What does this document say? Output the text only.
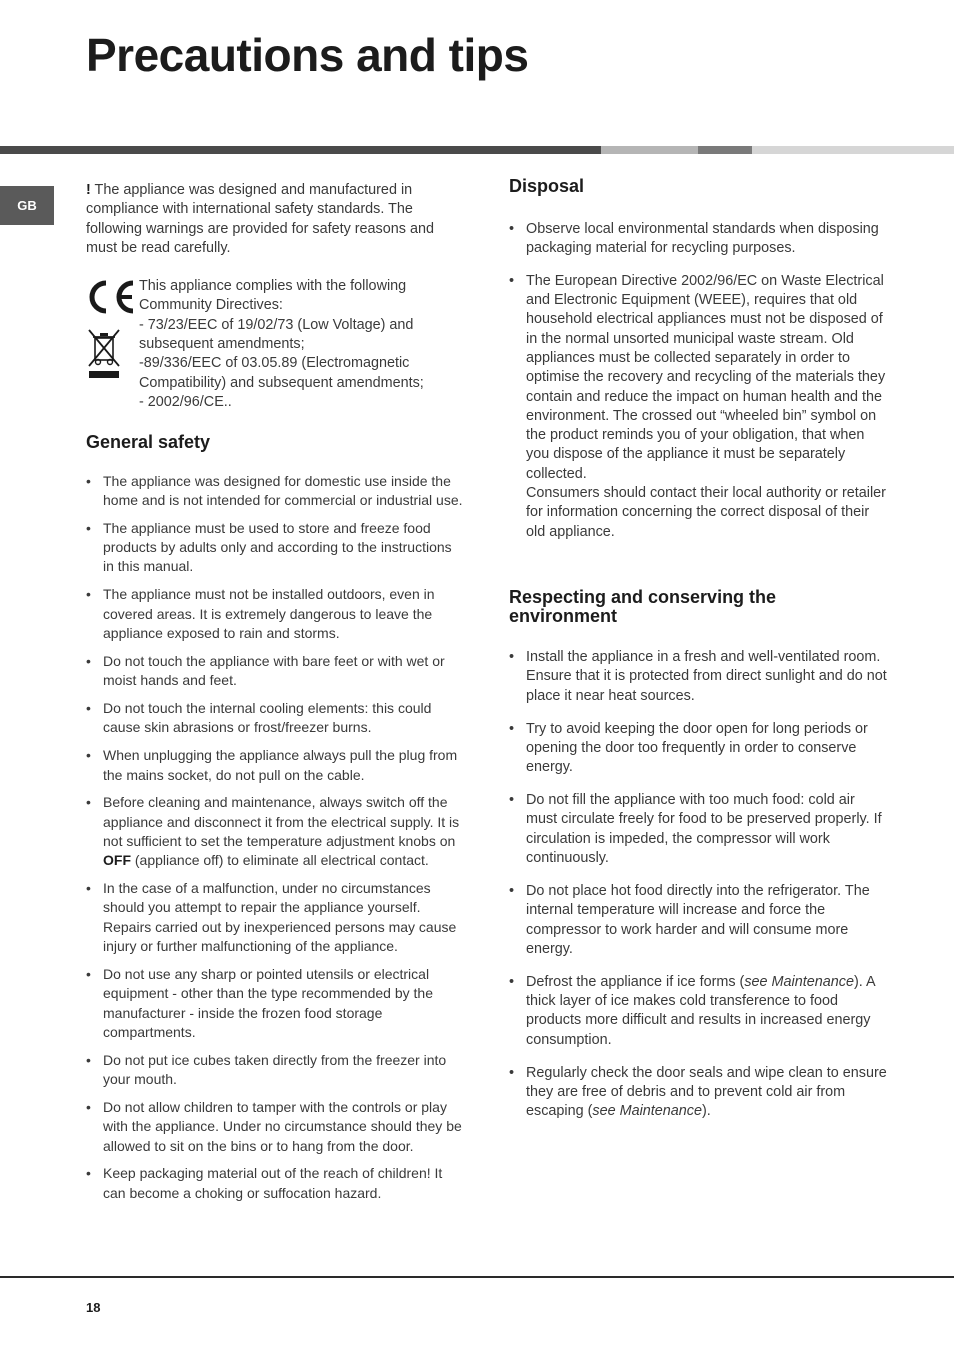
Precautions and tips
GB

! The appliance was designed and manufactured in compliance with international safety standards. The following warnings are provided for safety reasons and must be read carefully.

This appliance complies with the following
Community Directives:
- 73/23/EEC of 19/02/73 (Low Voltage) and
subsequent amendments;
-89/336/EEC of 03.05.89 (Electromagnetic
Compatibility) and subsequent amendments;
- 2002/96/CE..

General safety
• The appliance was designed for domestic use inside the home and is not intended for commercial or industrial use.
• The appliance must be used to store and freeze food products by adults only and according to the instructions in this manual.
• The appliance must not be installed outdoors, even in covered areas. It is extremely dangerous to leave the appliance exposed to rain and storms.
• Do not touch the appliance with bare feet or with wet or moist hands and feet.
• Do not touch the internal cooling elements: this could cause skin abrasions or frost/freezer burns.
• When unplugging the appliance always pull the plug from the mains socket, do not pull on the cable.
• Before cleaning and maintenance, always switch off the appliance and disconnect it from the electrical supply. It is not sufficient to set the temperature adjustment knobs on OFF (appliance off) to eliminate all electrical contact.
• In the case of a malfunction, under no circumstances should you attempt to repair the appliance yourself. Repairs carried out by inexperienced persons may cause injury or further malfunctioning of the appliance.
• Do not use any sharp or pointed utensils or electrical equipment - other than the type recommended by the manufacturer - inside the frozen food storage compartments.
• Do not put ice cubes taken directly from the freezer into your mouth.
• Do not allow children to tamper with the controls or play with the appliance. Under no circumstance should they be allowed to sit on the bins or to hang from the door.
• Keep packaging material out of the reach of children! It can become a choking or suffocation hazard.
Disposal
• Observe local environmental standards when disposing packaging material for recycling purposes.
• The European Directive 2002/96/EC on Waste Electrical and Electronic Equipment (WEEE), requires that old household electrical appliances must not be disposed of in the normal unsorted municipal waste stream. Old appliances must be collected separately in order to optimise the recovery and recycling of the materials they contain and reduce the impact on human health and the environment. The crossed out “wheeled bin” symbol on the product reminds you of your obligation, that when you dispose of the appliance it must be separately collected.
Consumers should contact their local authority or retailer for information concerning the correct disposal of their old appliance.
Respecting and conserving the environment
• Install the appliance in a fresh and well-ventilated room. Ensure that it is protected from direct sunlight and do not place it near heat sources.
• Try to avoid keeping the door open for long periods or opening the door too frequently in order to conserve energy.
• Do not fill the appliance with too much food: cold air must circulate freely for food to be preserved properly. If circulation is impeded, the compressor will work continuously.
• Do not place hot food directly into the refrigerator. The internal temperature will increase and force the compressor to work harder and will consume more energy.
• Defrost the appliance if ice forms (see Maintenance). A thick layer of ice makes cold transference to food products more difficult and results in increased energy consumption.
• Regularly check the door seals and wipe clean to ensure they are free of debris and to prevent cold air from escaping (see Maintenance).
18
